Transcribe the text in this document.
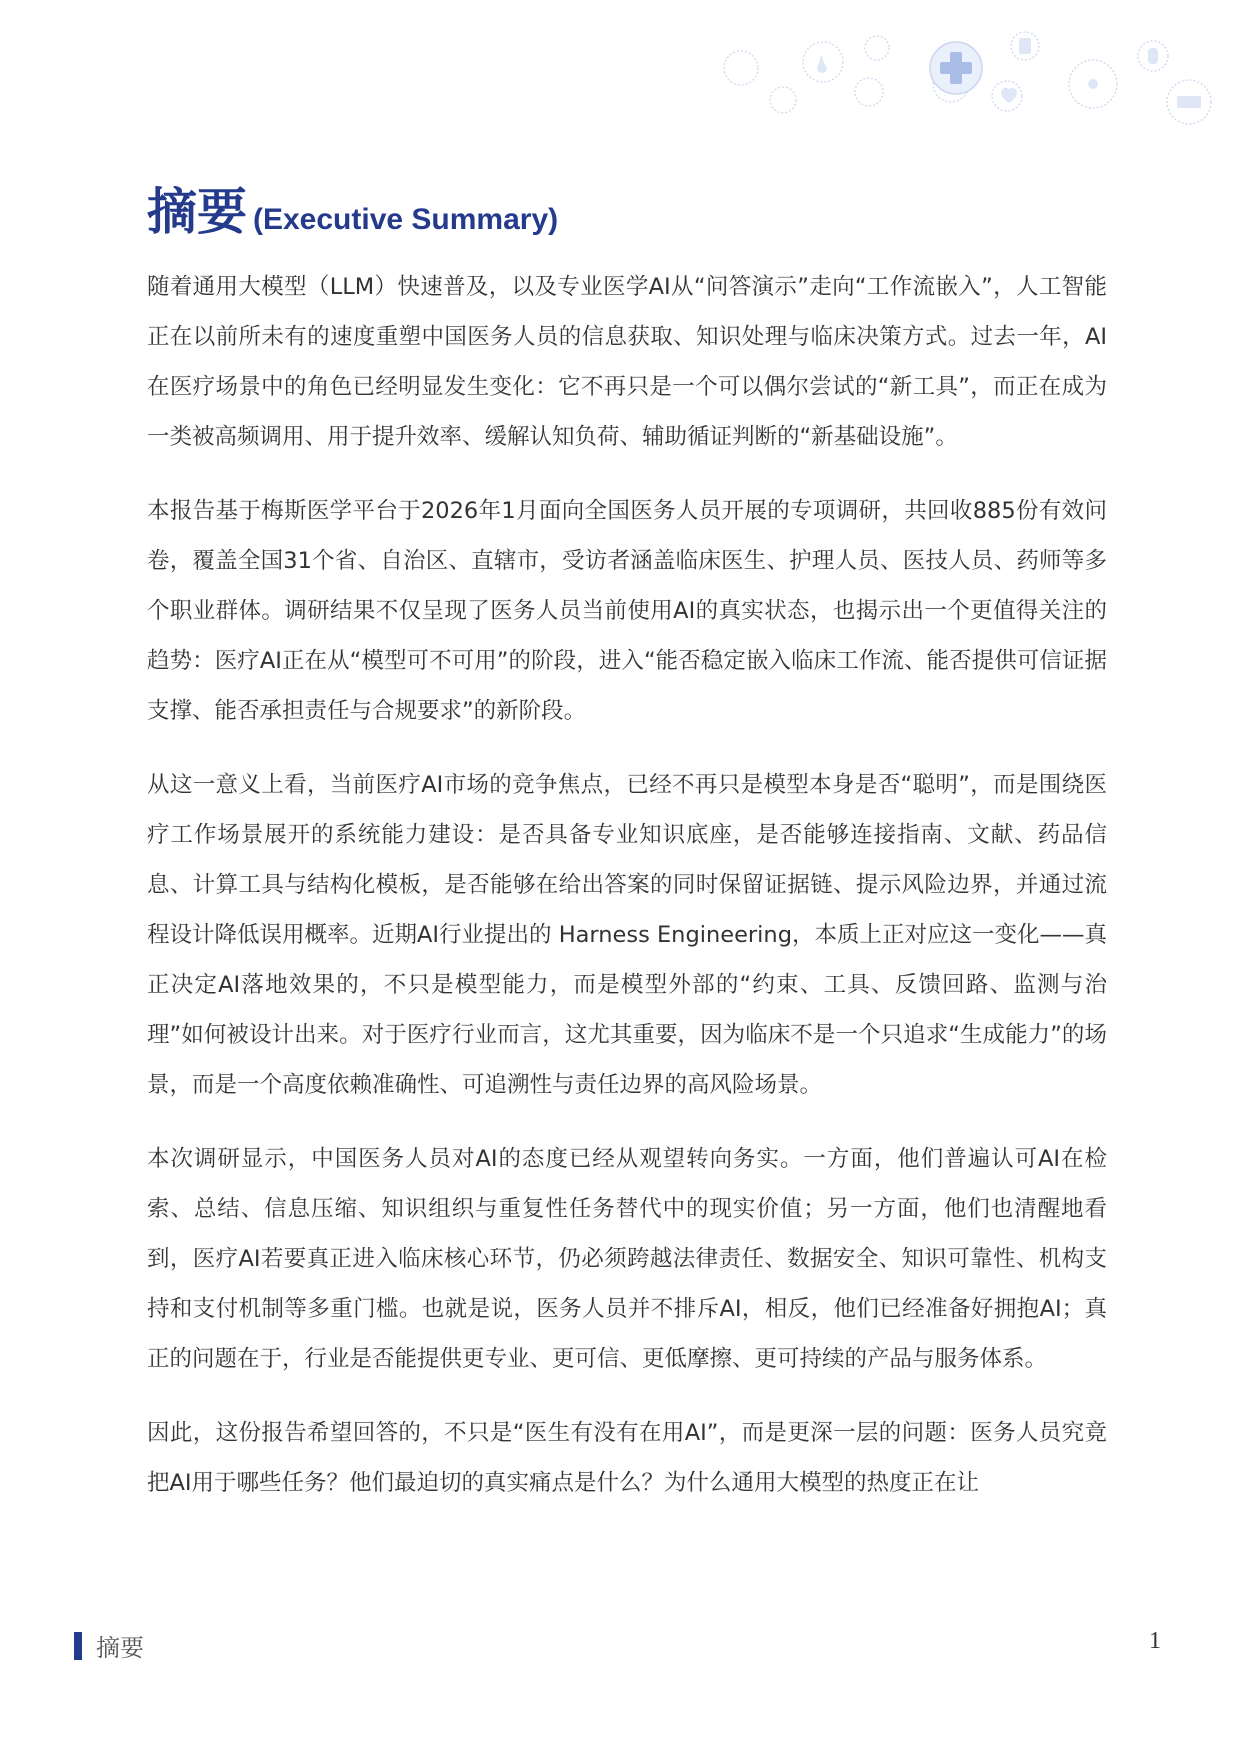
摘要 (Executive Summary)

随着通用大模型（LLM）快速普及，以及专业医学AI从“问答演示”走向“工作流嵌入”，人工智能正在以前所未有的速度重塑中国医务人员的信息获取、知识处理与临床决策方式。过去一年，AI在医疗场景中的角色已经明显发生变化：它不再只是一个可以偶尔尝试的“新工具”，而正在成为一类被高频调用、用于提升效率、缓解认知负荷、辅助循证判断的“新基础设施”。

本报告基于梅斯医学平台于2026年1月面向全国医务人员开展的专项调研，共回收885份有效问卷，覆盖全国31个省、自治区、直辖市，受访者涵盖临床医生、护理人员、医技人员、药师等多个职业群体。调研结果不仅呈现了医务人员当前使用AI的真实状态，也揭示出一个更值得关注的趋势：医疗AI正在从“模型可不可用”的阶段，进入“能否稳定嵌入临床工作流、能否提供可信证据支撑、能否承担责任与合规要求”的新阶段。

从这一意义上看，当前医疗AI市场的竞争焦点，已经不再只是模型本身是否“聪明”，而是围绕医疗工作场景展开的系统能力建设：是否具备专业知识底座，是否能够连接指南、文献、药品信息、计算工具与结构化模板，是否能够在给出答案的同时保留证据链、提示风险边界，并通过流程设计降低误用概率。近期AI行业提出的 Harness Engineering，本质上正对应这一变化——真正决定AI落地效果的，不只是模型能力，而是模型外部的“约束、工具、反馈回路、监测与治理”如何被设计出来。对于医疗行业而言，这尤其重要，因为临床不是一个只追求“生成能力”的场景，而是一个高度依赖准确性、可追溯性与责任边界的高风险场景。

本次调研显示，中国医务人员对AI的态度已经从观望转向务实。一方面，他们普遍认可AI在检索、总结、信息压缩、知识组织与重复性任务替代中的现实价值；另一方面，他们也清醒地看到，医疗AI若要真正进入临床核心环节，仍必须跨越法律责任、数据安全、知识可靠性、机构支持和支付机制等多重门槛。也就是说，医务人员并不排斥AI，相反，他们已经准备好拥抱AI；真正的问题在于，行业是否能提供更专业、更可信、更低摩擦、更可持续的产品与服务体系。

因此，这份报告希望回答的，不只是“医生有没有在用AI”，而是更深一层的问题：医务人员究竟把AI用于哪些任务？他们最迫切的真实痛点是什么？为什么通用大模型的热度正在让

摘要	1
